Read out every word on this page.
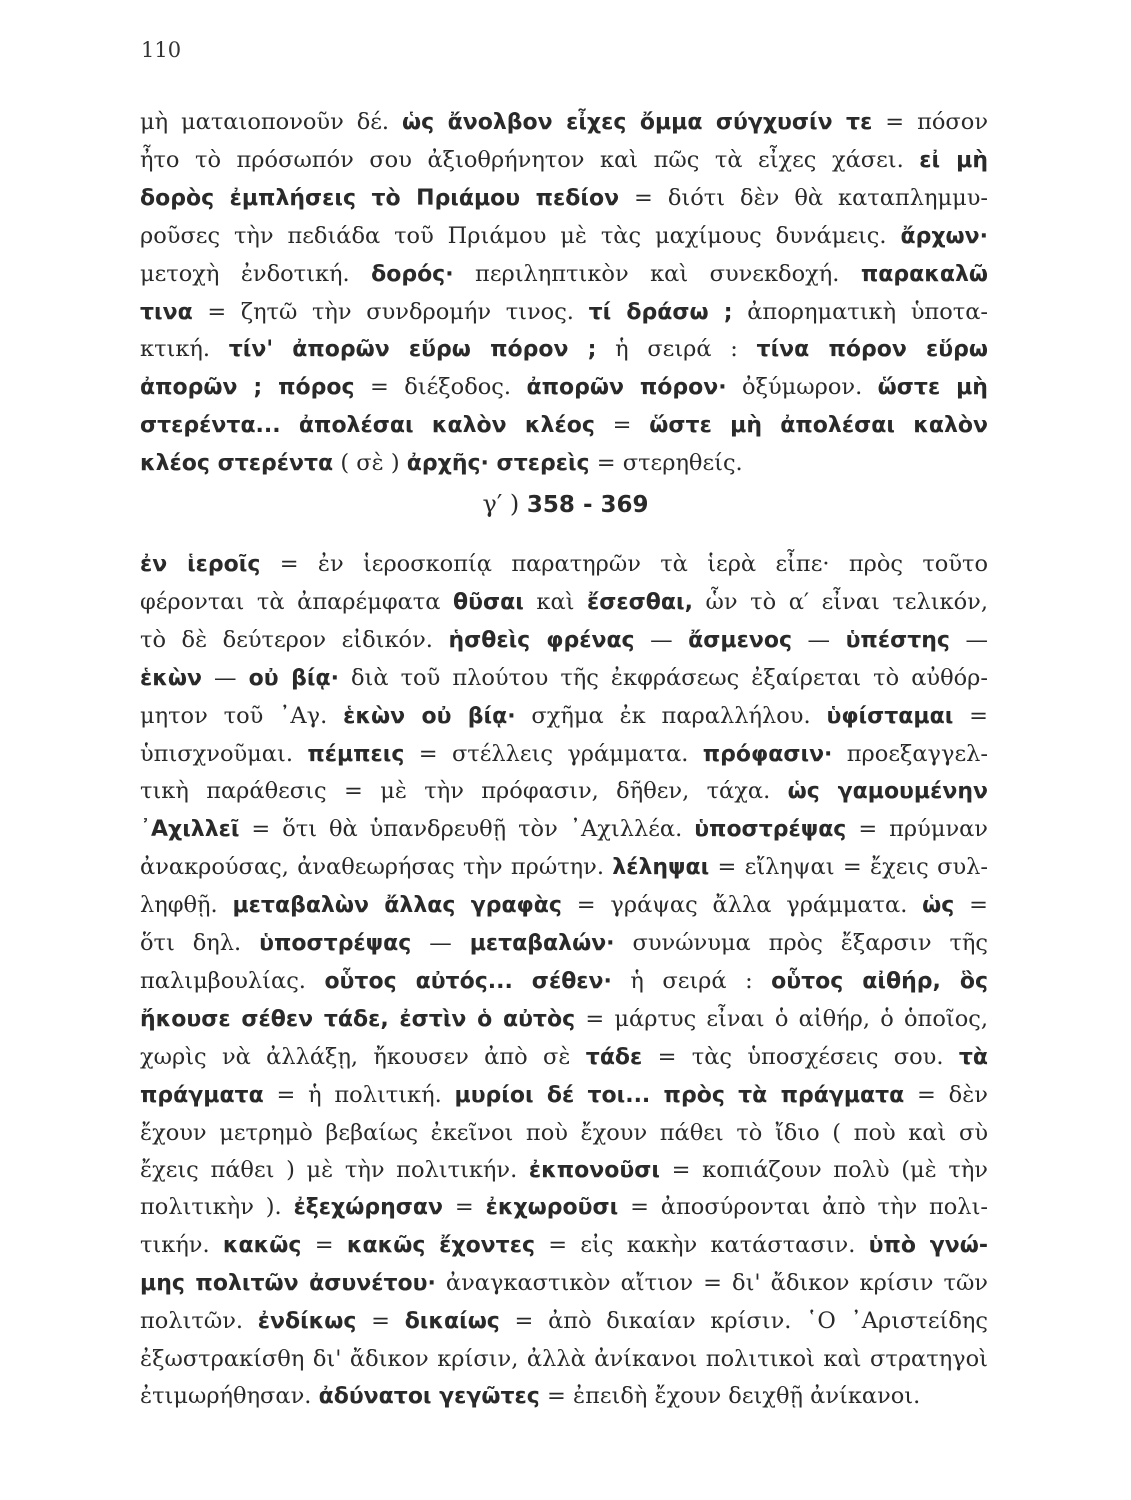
110
μὴ ματαιοπονοῦν δέ. ὡς ἄνολβον εἶχες ὄμμα σύγχυσίν τε = πόσον
ἦτο τὸ πρόσωπόν σου ἀξιοθρήνητον καὶ πῶς τὰ εἶχες χάσει. εἰ μὴ
δορὸς ἐμπλήσεις τὸ Πριάμου πεδίον = διότι δὲν θὰ καταπλημμυ-
ροῦσες τὴν πεδιάδα τοῦ Πριάμου μὲ τὰς μαχίμους δυνάμεις. ἄρχων·
μετοχὴ ἐνδοτική. δορός· περιληπτικὸν καὶ συνεκδοχή. παρακαλῶ
τινα = ζητῶ τὴν συνδρομήν τινος. τί δράσω ; ἀπορηματικὴ ὑποτα-
κτική. τίν' ἀπορῶν εὕρω πόρον ; ἡ σειρά : τίνα πόρον εὕρω
ἀπορῶν ; πόρος = διέξοδος. ἀπορῶν πόρον· ὀξύμωρον. ὥστε μὴ
στερέντα... ἀπολέσαι καλὸν κλέος = ὥστε μὴ ἀπολέσαι καλὸν
κλέος στερέντα ( σὲ ) ἀρχῆς· στερεὶς = στερηθείς.
γ′ ) 358 - 369
ἐν ἱεροῖς = ἐν ἱεροσκοπίᾳ παρατηρῶν τὰ ἱερὰ εἶπε· πρὸς τοῦτο
φέρονται τὰ ἀπαρέμφατα θῦσαι καὶ ἔσεσθαι, ὧν τὸ α′ εἶναι τελικόν,
τὸ δὲ δεύτερον εἰδικόν. ἡσθεὶς φρένας — ἄσμενος — ὑπέστης —
ἑκὼν — οὐ βίᾳ· διὰ τοῦ πλούτου τῆς ἐκφράσεως ἐξαίρεται τὸ αὐθόρ-
μητον τοῦ ᾿Αγ. ἑκὼν οὐ βίᾳ· σχῆμα ἐκ παραλλήλου. ὑφίσταμαι =
ὑπισχνοῦμαι. πέμπεις = στέλλεις γράμματα. πρόφασιν· προεξαγγελ-
τικὴ παράθεσις = μὲ τὴν πρόφασιν, δῆθεν, τάχα. ὡς γαμουμένην
᾿Αχιλλεῖ = ὅτι θὰ ὑπανδρευθῇ τὸν ᾿Αχιλλέα. ὑποστρέψας = πρύμναν
ἀνακρούσας, ἀναθεωρήσας τὴν πρώτην. λέληψαι = εἴληψαι = ἔχεις συλ-
ληφθῇ. μεταβαλὼν ἄλλας γραφὰς = γράψας ἄλλα γράμματα. ὡς =
ὅτι δηλ. ὑποστρέψας — μεταβαλών· συνώνυμα πρὸς ἔξαρσιν τῆς
παλιμβουλίας. οὗτος αὐτός... σέθεν· ἡ σειρά : οὗτος αἰθήρ, ὃς
ἤκουσε σέθεν τάδε, ἐστὶν ὁ αὐτὸς = μάρτυς εἶναι ὁ αἰθήρ, ὁ ὁποῖος,
χωρὶς νὰ ἀλλάξῃ, ἤκουσεν ἀπὸ σὲ τάδε = τὰς ὑποσχέσεις σου. τὰ
πράγματα = ἡ πολιτική. μυρίοι δέ τοι... πρὸς τὰ πράγματα = δὲν
ἔχουν μετρημὸ βεβαίως ἐκεῖνοι ποὺ ἔχουν πάθει τὸ ἴδιο ( ποὺ καὶ σὺ
ἔχεις πάθει ) μὲ τὴν πολιτικήν. ἐκπονοῦσι = κοπιάζουν πολὺ (μὲ τὴν
πολιτικὴν ). ἐξεχώρησαν = ἐκχωροῦσι = ἀποσύρονται ἀπὸ τὴν πολι-
τικήν. κακῶς = κακῶς ἔχοντες = εἰς κακὴν κατάστασιν. ὑπὸ γνώ-
μης πολιτῶν ἀσυνέτου· ἀναγκαστικὸν αἴτιον = δι' ἄδικον κρίσιν τῶν
πολιτῶν. ἐνδίκως = δικαίως = ἀπὸ δικαίαν κρίσιν. ῾Ο ᾿Αριστείδης
ἐξωστρακίσθη δι' ἄδικον κρίσιν, ἀλλὰ ἀνίκανοι πολιτικοὶ καὶ στρατηγοὶ
ἐτιμωρήθησαν. ἀδύνατοι γεγῶτες = ἐπειδὴ ἔχουν δειχθῇ ἀνίκανοι.
